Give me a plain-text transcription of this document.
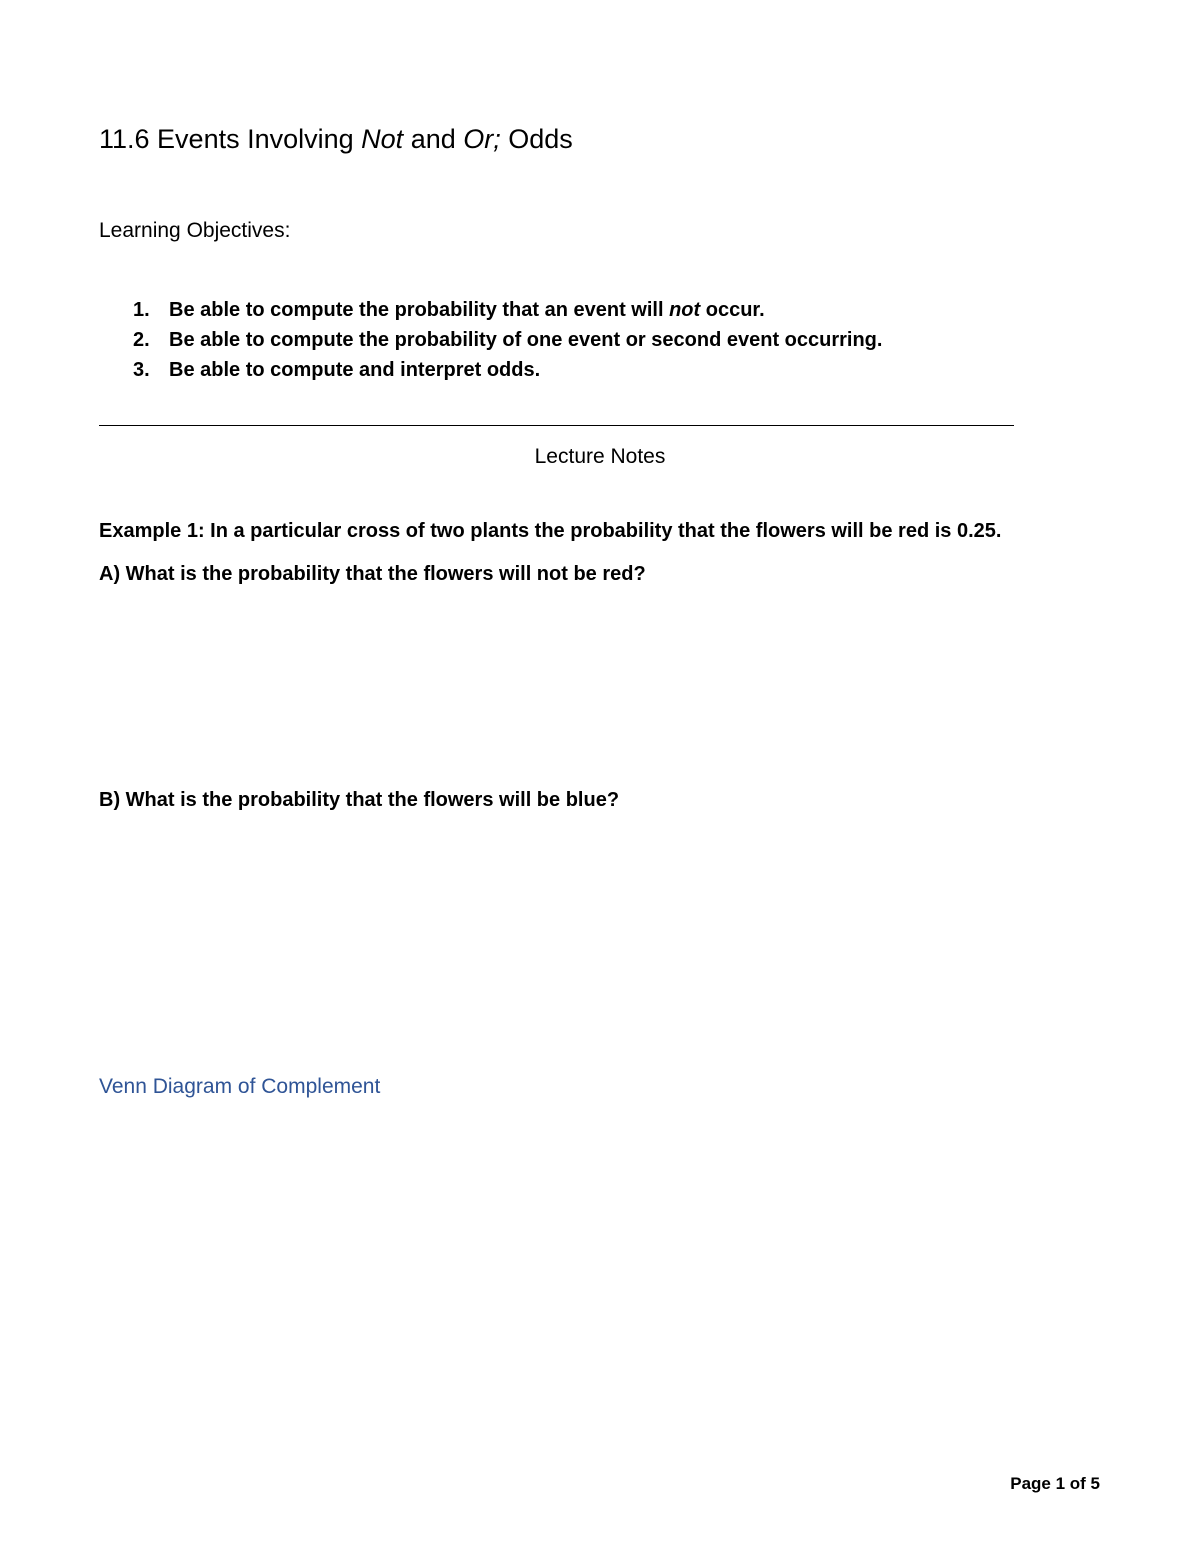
11.6 Events Involving Not and Or; Odds
Learning Objectives:
1. Be able to compute the probability that an event will not occur.
2. Be able to compute the probability of one event or second event occurring.
3. Be able to compute and interpret odds.
Lecture Notes
Example 1: In a particular cross of two plants the probability that the flowers will be red is 0.25.
A) What is the probability that the flowers will not be red?
B) What is the probability that the flowers will be blue?
Venn Diagram of Complement
Page 1 of 5
